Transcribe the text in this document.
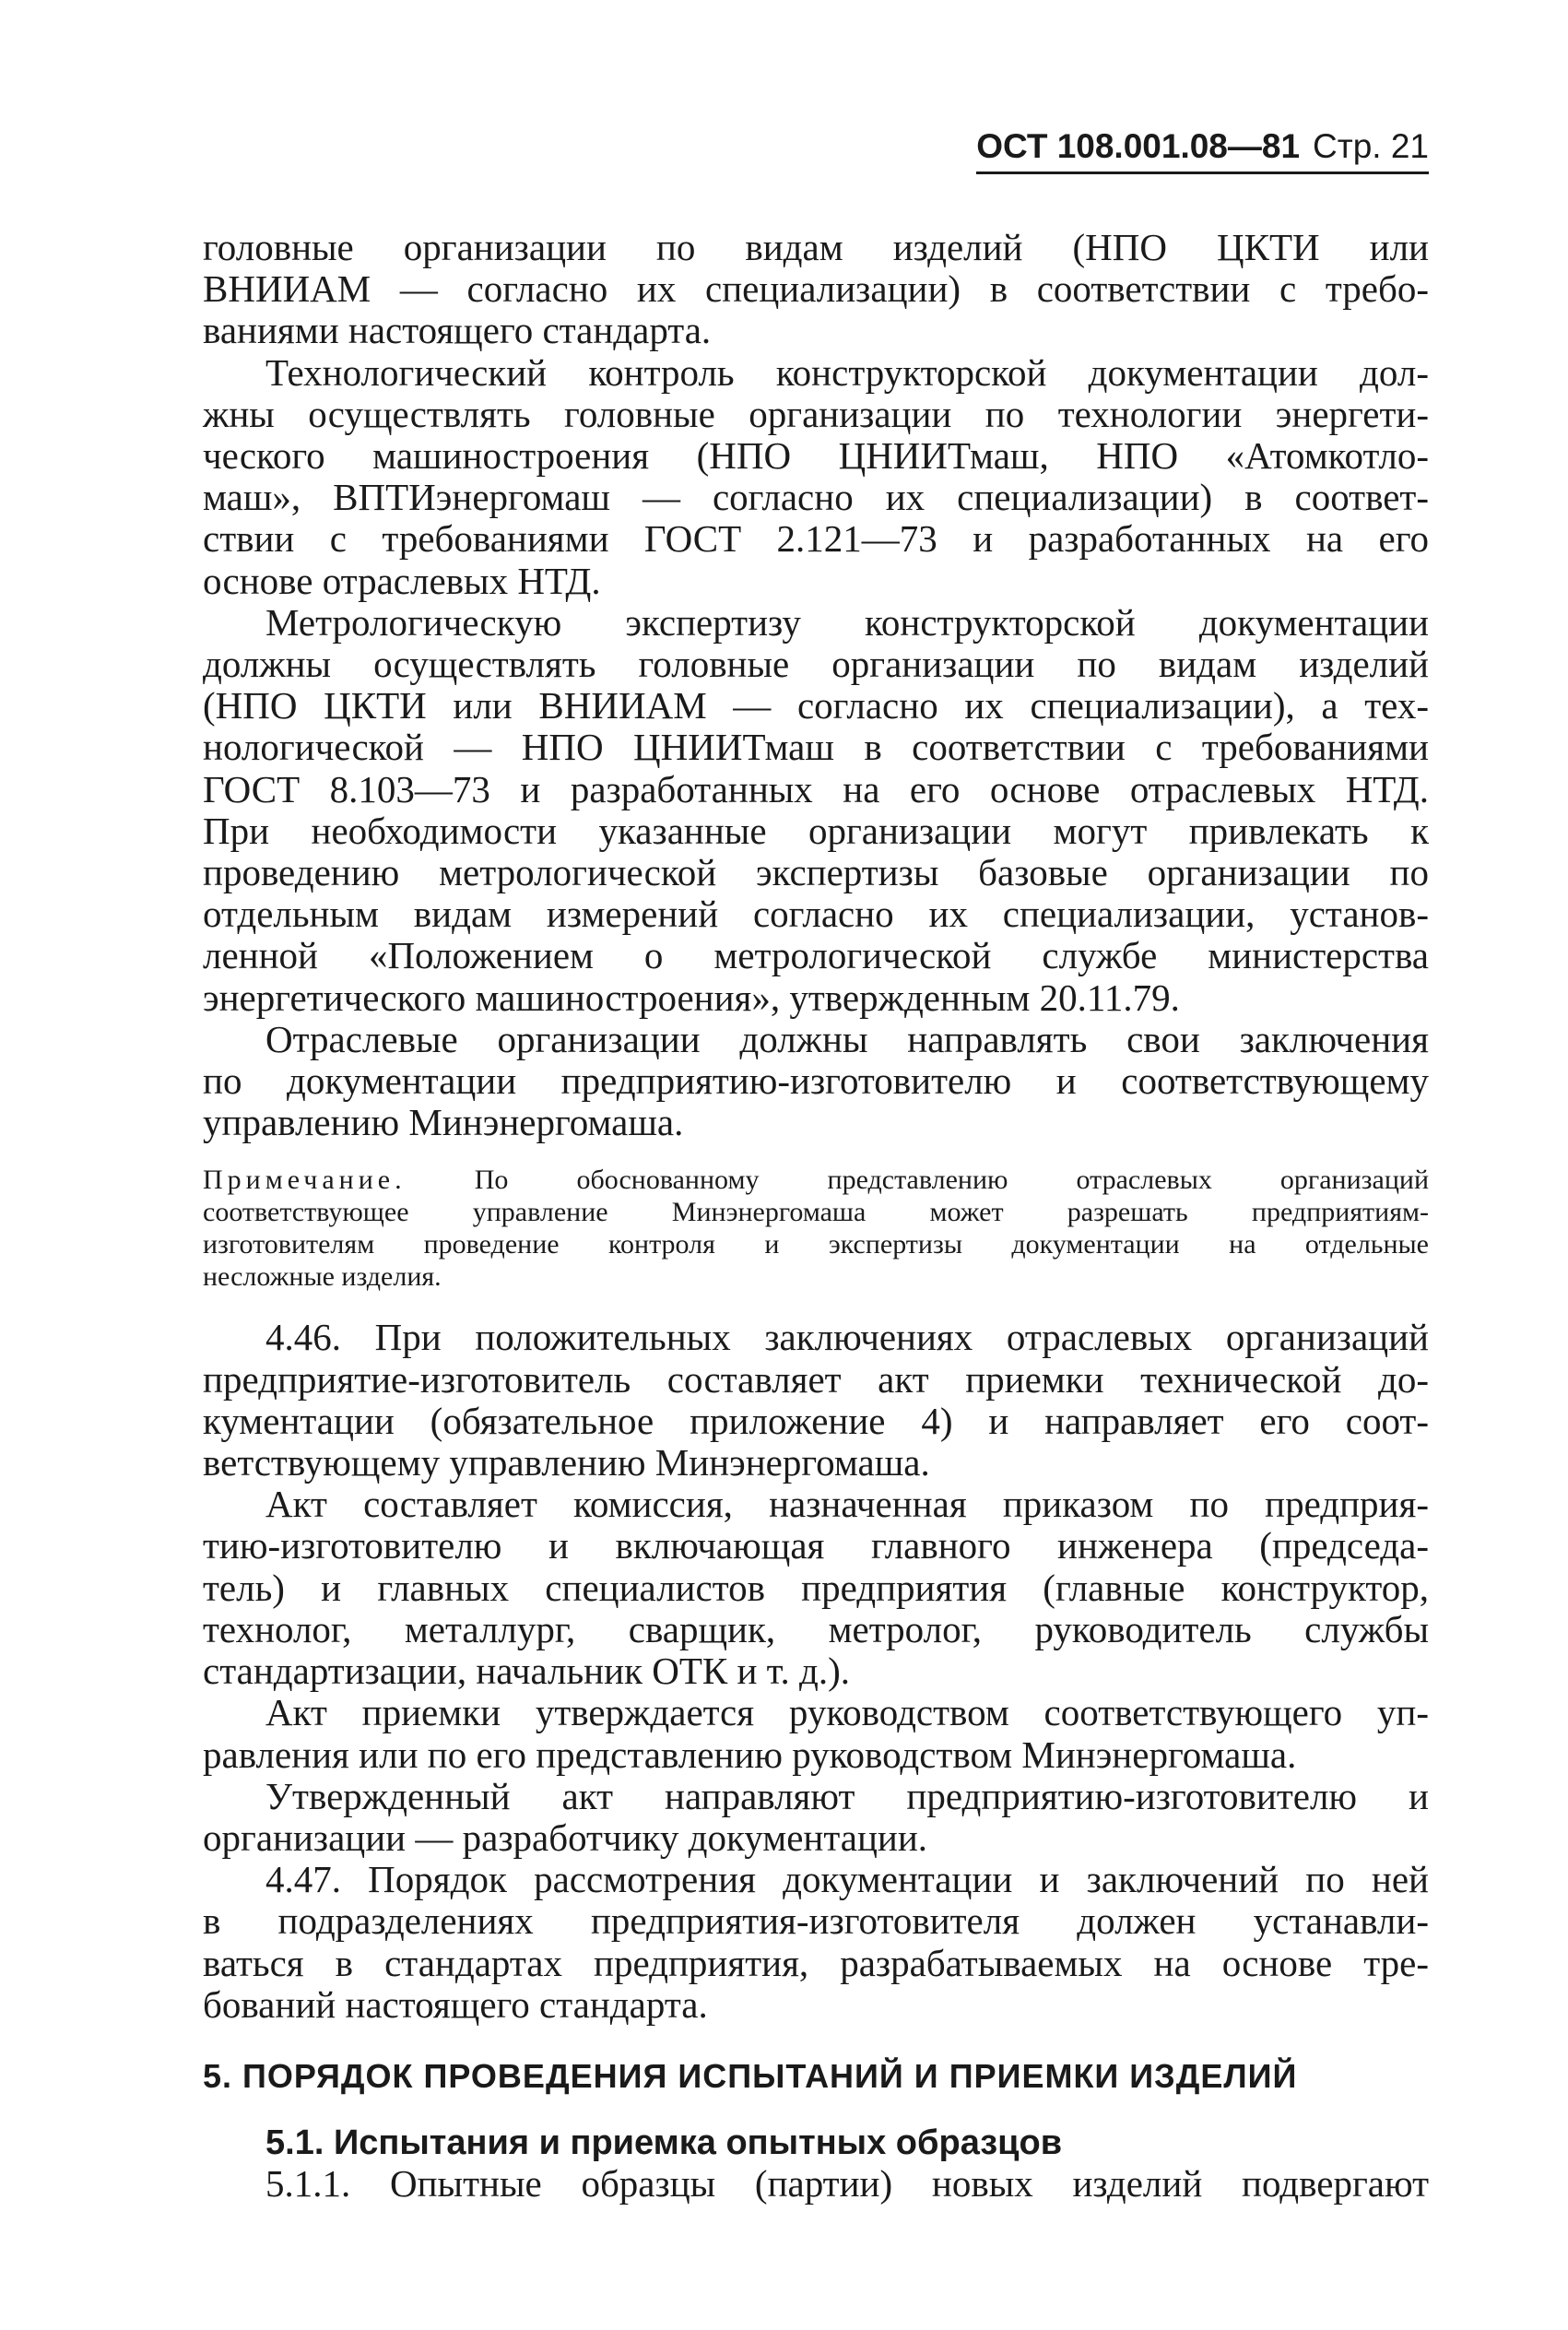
ОСТ 108.001.08—81 Стр. 21

головные организации по видам изделий (НПО ЦКТИ или
ВНИИАМ — согласно их специализации) в соответствии с требо-
ваниями настоящего стандарта.

Технологический контроль конструкторской документации дол-
жны осуществлять головные организации по технологии энергети-
ческого машиностроения (НПО ЦНИИТмаш, НПО «Атомкотло-
маш», ВПТИэнергомаш — согласно их специализации) в соответ-
ствии с требованиями ГОСТ 2.121—73 и разработанных на его
основе отраслевых НТД.

Метрологическую экспертизу конструкторской документации
должны осуществлять головные организации по видам изделий
(НПО ЦКТИ или ВНИИАМ — согласно их специализации), а тех-
нологической — НПО ЦНИИТмаш в соответствии с требованиями
ГОСТ 8.103—73 и разработанных на его основе отраслевых НТД.
При необходимости указанные организации могут привлекать к
проведению метрологической экспертизы базовые организации по
отдельным видам измерений согласно их специализации, установ-
ленной «Положением о метрологической службе министерства
энергетического машиностроения», утвержденным 20.11.79.

Отраслевые организации должны направлять свои заключения
по документации предприятию-изготовителю и соответствующему
управлению Минэнергомаша.

Примечание. По обоснованному представлению отраслевых организаций
соответствующее управление Минэнергомаша может разрешать предприятиям-
изготовителям проведение контроля и экспертизы документации на отдельные
несложные изделия.

4.46. При положительных заключениях отраслевых организаций
предприятие-изготовитель составляет акт приемки технической до-
кументации (обязательное приложение 4) и направляет его соот-
ветствующему управлению Минэнергомаша.

Акт составляет комиссия, назначенная приказом по предприя-
тию-изготовителю и включающая главного инженера (председа-
тель) и главных специалистов предприятия (главные конструктор,
технолог, металлург, сварщик, метролог, руководитель службы
стандартизации, начальник ОТК и т. д.).

Акт приемки утверждается руководством соответствующего уп-
равления или по его представлению руководством Минэнергомаша.

Утвержденный акт направляют предприятию-изготовителю и
организации — разработчику документации.

4.47. Порядок рассмотрения документации и заключений по ней
в подразделениях предприятия-изготовителя должен устанавли-
ваться в стандартах предприятия, разрабатываемых на основе тре-
бований настоящего стандарта.

5. ПОРЯДОК ПРОВЕДЕНИЯ ИСПЫТАНИЙ И ПРИЕМКИ ИЗДЕЛИЙ
5.1. Испытания и приемка опытных образцов

5.1.1. Опытные образцы (партии) новых изделий подвергают
